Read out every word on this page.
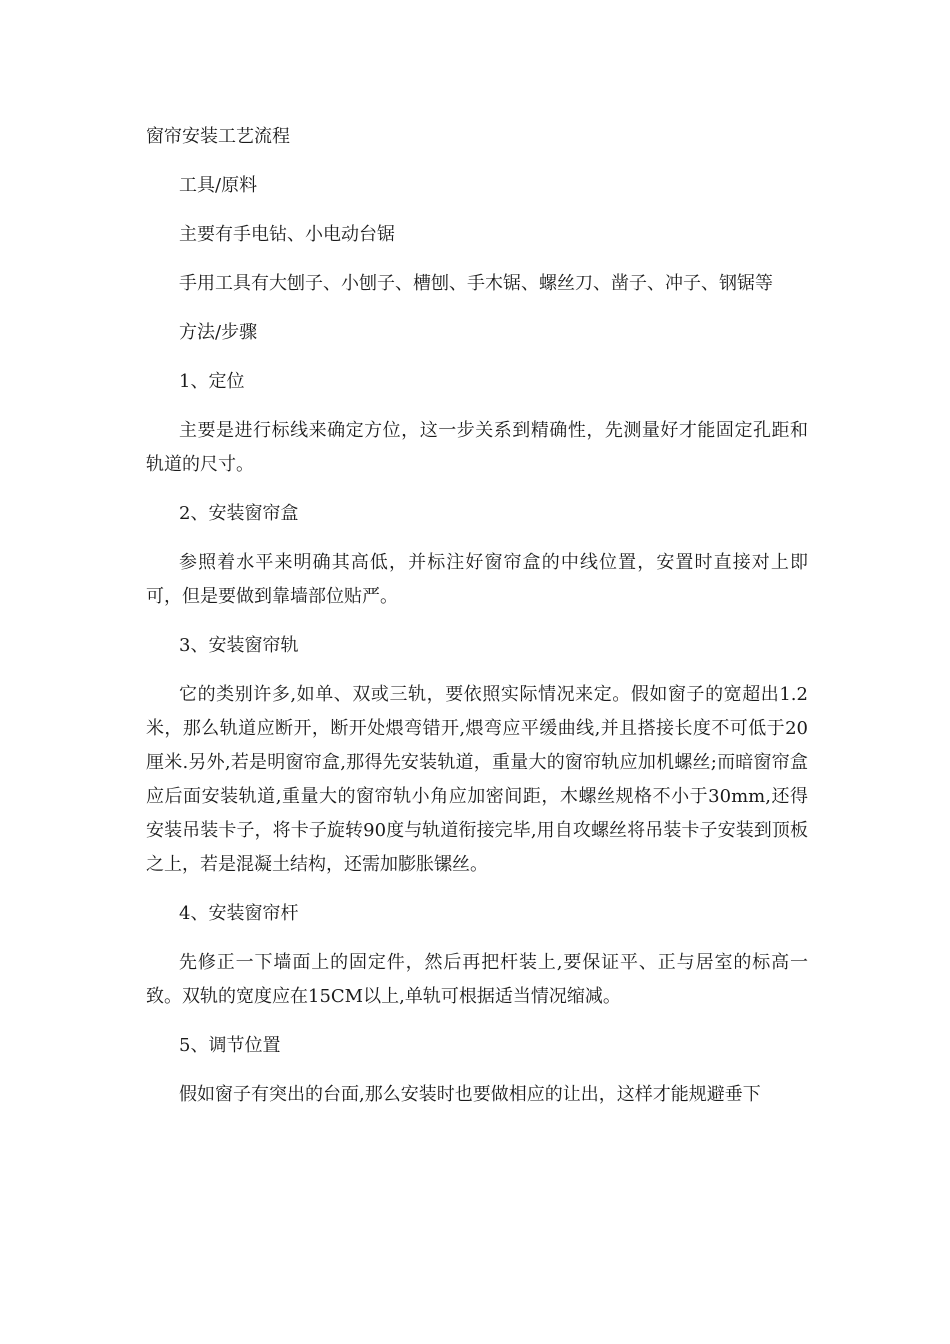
窗帘安装工艺流程
工具/原料
主要有手电钻、小电动台锯
手用工具有大刨子、小刨子、槽刨、手木锯、螺丝刀、凿子、冲子、钢锯等
方法/步骤
1、定位
主要是进行标线来确定方位，这一步关系到精确性，先测量好才能固定孔距和轨道的尺寸。
2、安装窗帘盒
参照着水平来明确其高低，并标注好窗帘盒的中线位置，安置时直接对上即可，但是要做到靠墙部位贴严。
3、安装窗帘轨
它的类别许多,如单、双或三轨，要依照实际情况来定。假如窗子的宽超出1.2米，那么轨道应断开，断开处煨弯错开,煨弯应平缓曲线,并且搭接长度不可低于20厘米.另外,若是明窗帘盒,那得先安装轨道，重量大的窗帘轨应加机螺丝;而暗窗帘盒应后面安装轨道,重量大的窗帘轨小角应加密间距，木螺丝规格不小于30mm,还得安装吊装卡子，将卡子旋转90度与轨道衔接完毕,用自攻螺丝将吊装卡子安装到顶板之上，若是混凝土结构，还需加膨胀镙丝。
4、安装窗帘杆
先修正一下墙面上的固定件，然后再把杆装上,要保证平、正与居室的标高一致。双轨的宽度应在15CM以上,单轨可根据适当情况缩减。
5、调节位置
假如窗子有突出的台面,那么安装时也要做相应的让出，这样才能规避垂下
